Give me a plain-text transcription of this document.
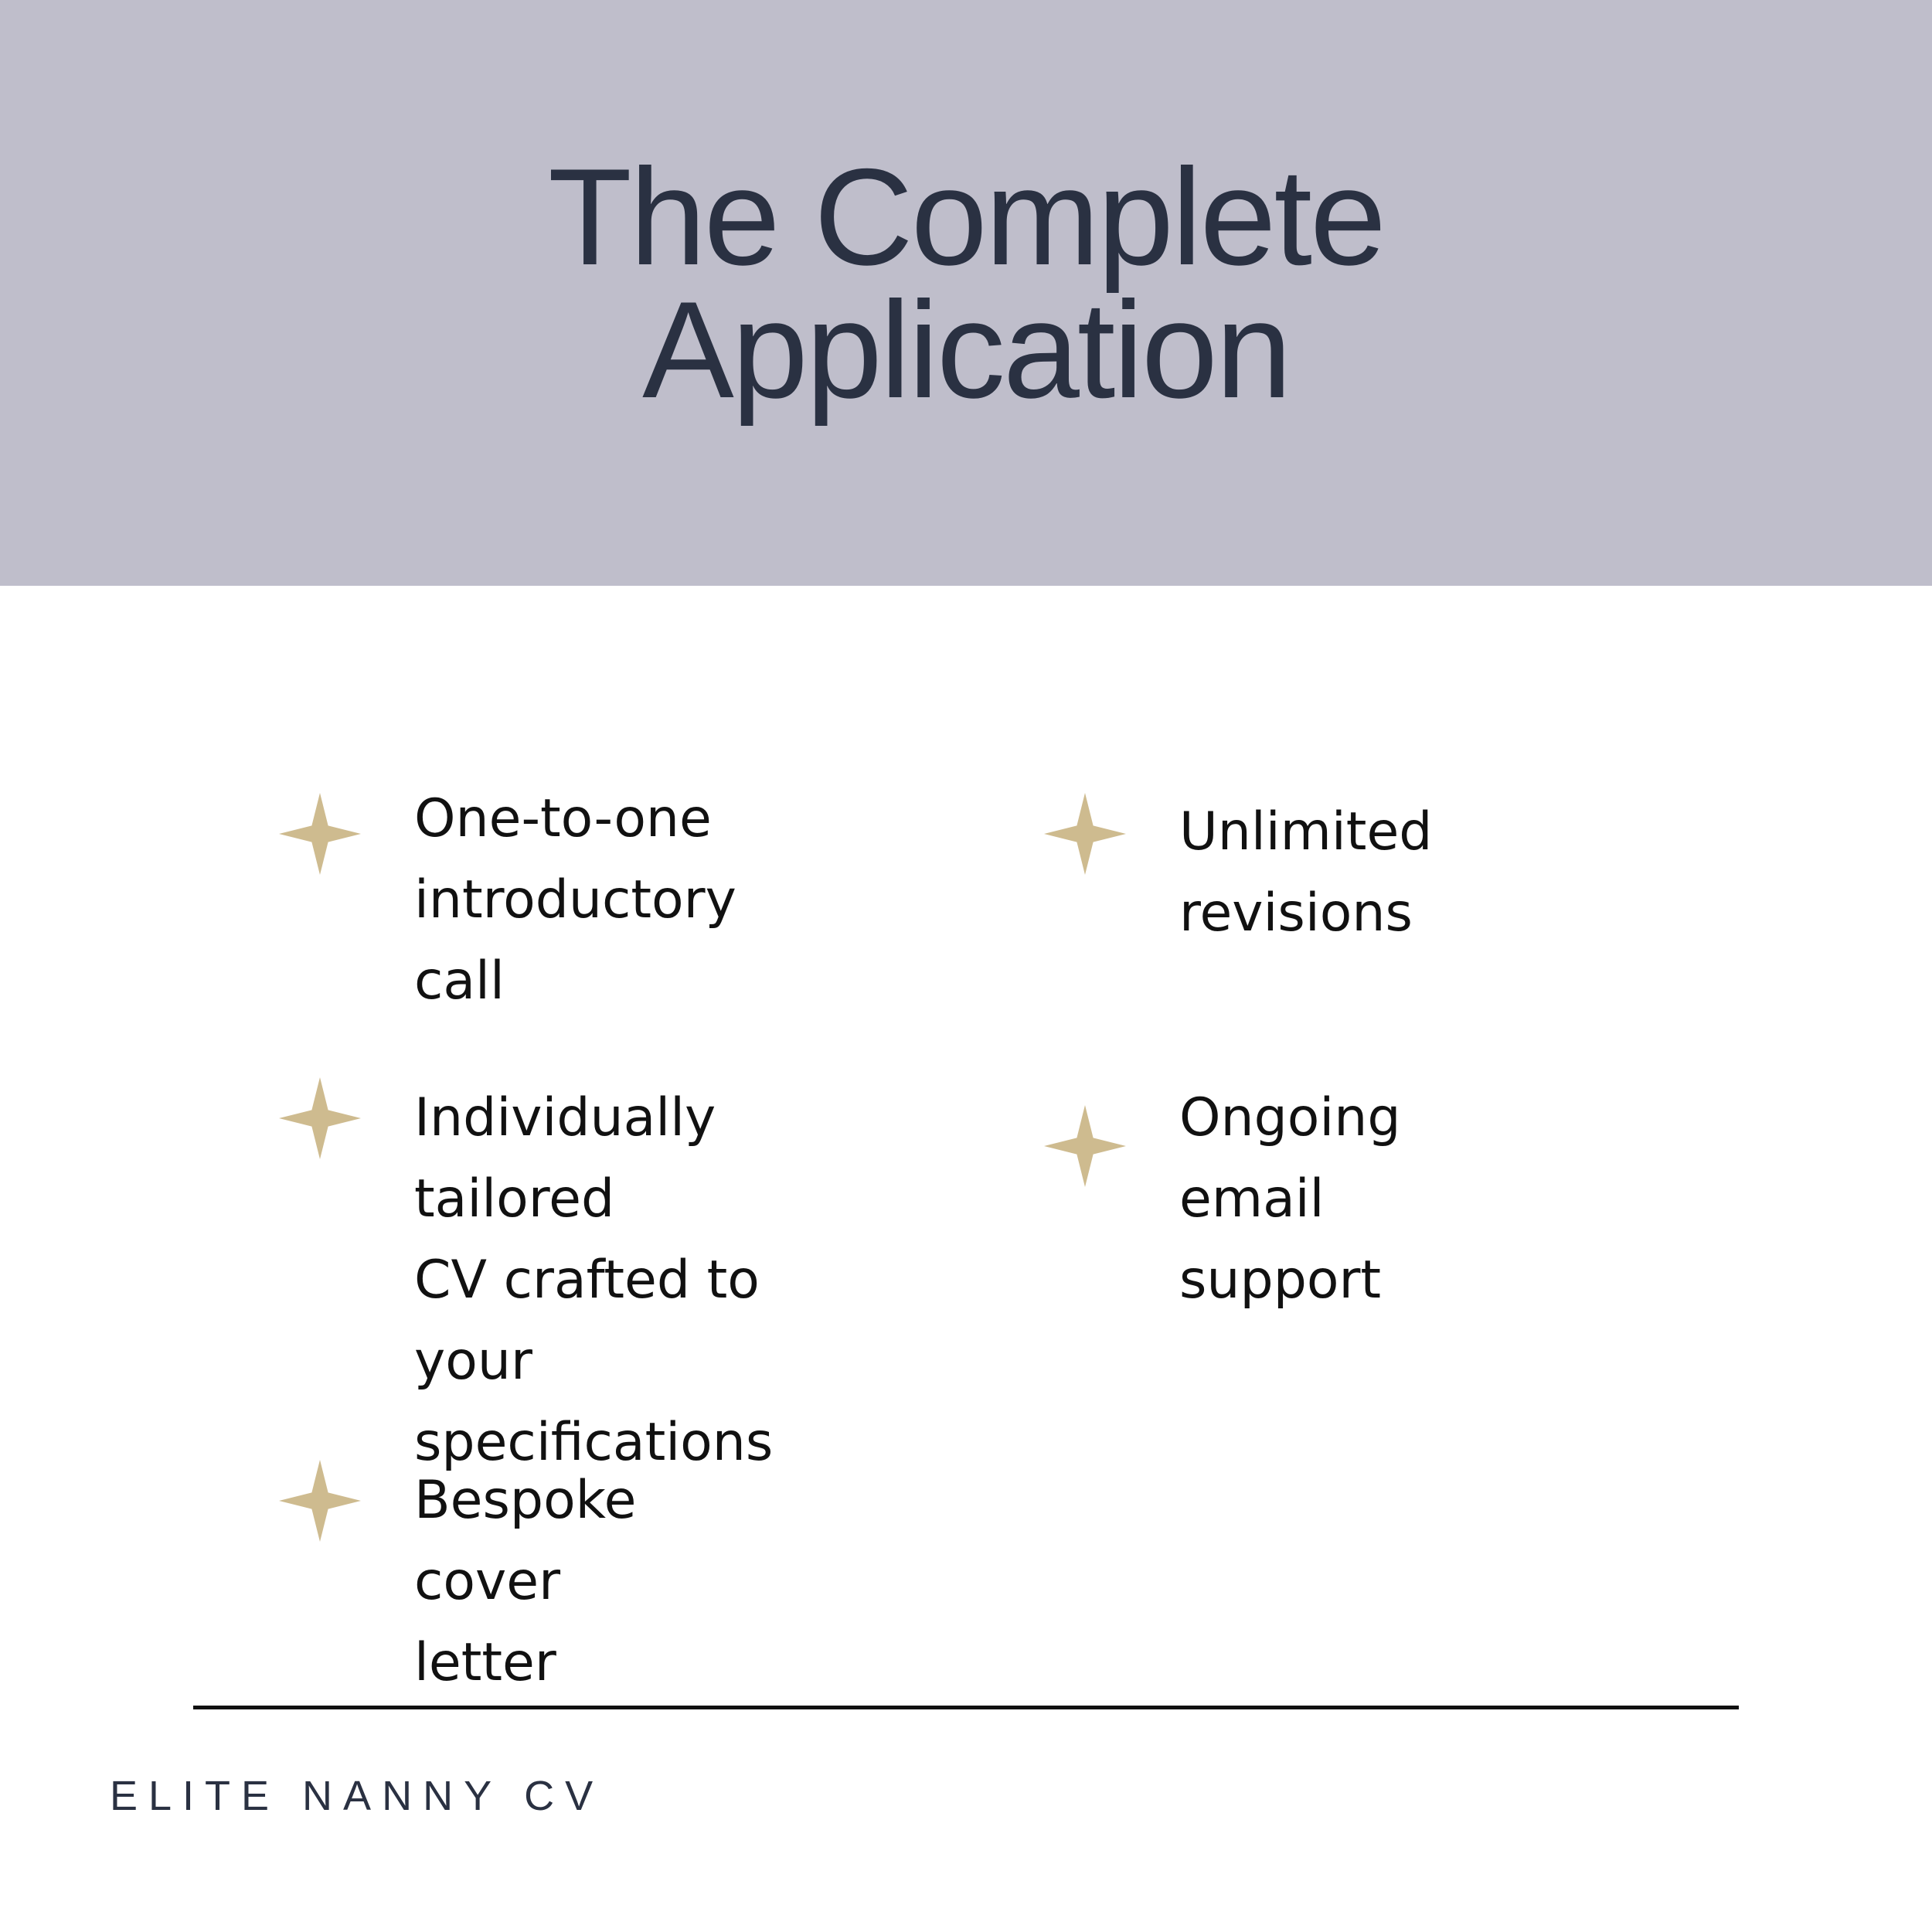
The Complete
Application
One-to-one
introductory call
Individually tailored
CV crafted to your
specifications
Bespoke cover letter
Unlimited revisions
Ongoing email
support
ELITE NANNY CV
